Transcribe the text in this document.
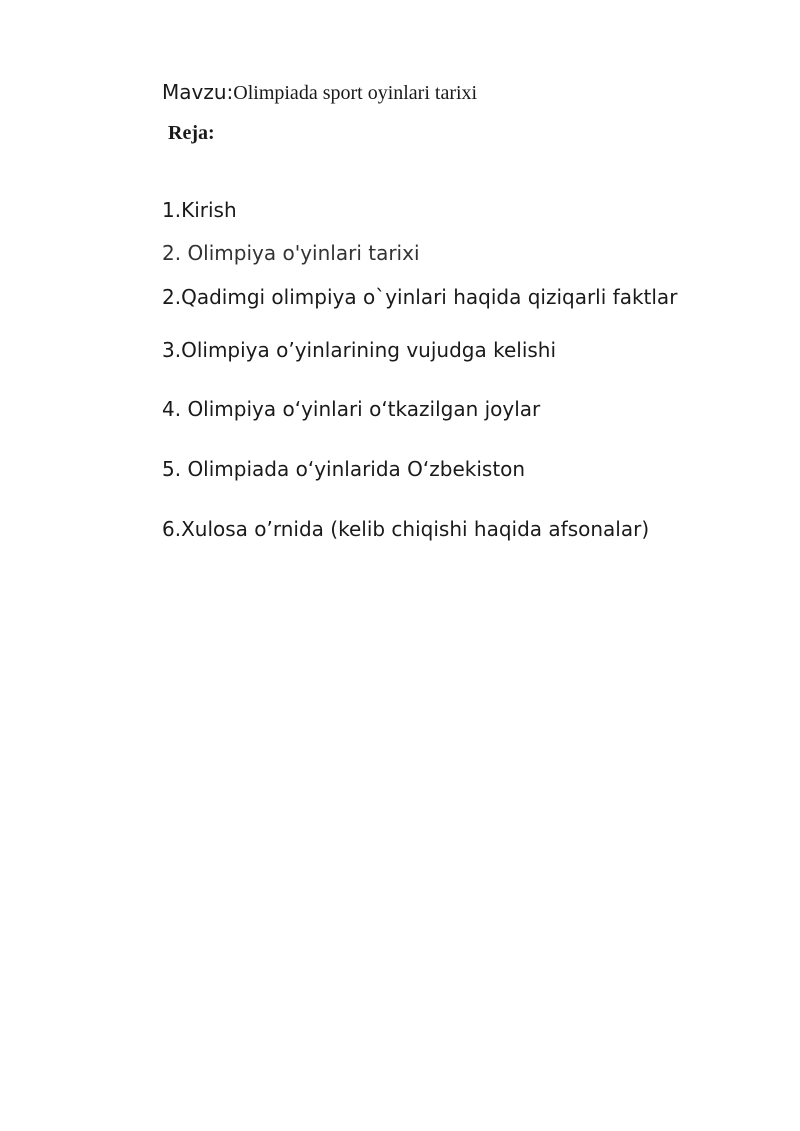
Mavzu:Olimpiada sport oyinlari tarixi
Reja:
1.Kirish
2. Olimpiya o'yinlari tarixi
2.Qadimgi olimpiya o`yinlari haqida qiziqarli faktlar
3.Olimpiya o’yinlarining vujudga kelishi
4. Olimpiya o‘yinlari o‘tkazilgan joylar
5. Olimpiada o‘yinlarida O‘zbekiston
6.Xulosa o’rnida (kelib chiqishi haqida afsonalar)
